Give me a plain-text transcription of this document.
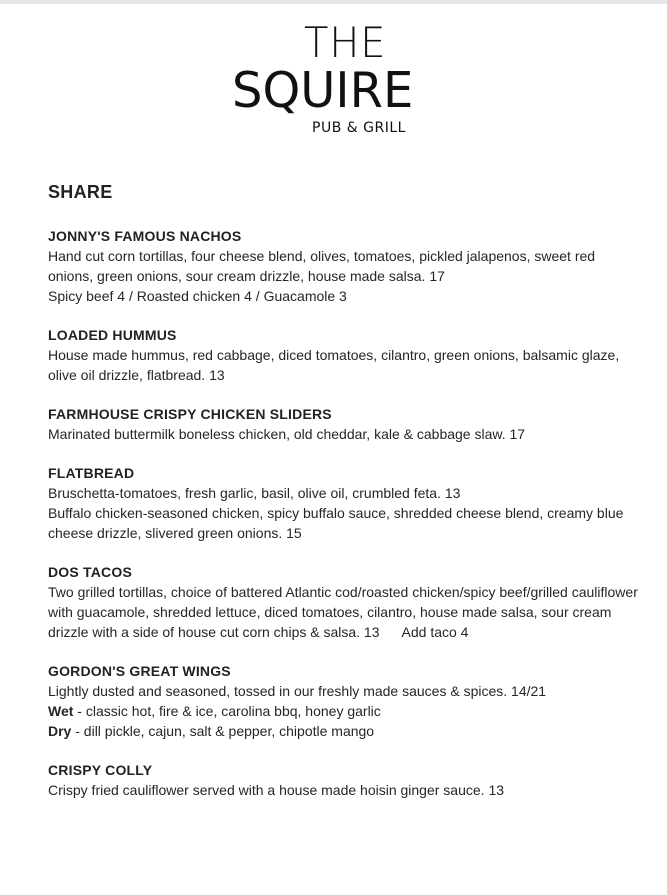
THE
SQUIRE
PUB & GRILL
SHARE
JONNY'S FAMOUS NACHOS
Hand cut corn tortillas, four cheese blend, olives, tomatoes, pickled jalapenos, sweet red onions, green onions, sour cream drizzle, house made salsa. 17
Spicy beef 4 / Roasted chicken 4 / Guacamole 3
LOADED HUMMUS
House made hummus, red cabbage, diced tomatoes, cilantro, green onions, balsamic glaze, olive oil drizzle, flatbread. 13
FARMHOUSE CRISPY CHICKEN SLIDERS
Marinated buttermilk boneless chicken, old cheddar, kale & cabbage slaw. 17
FLATBREAD
Bruschetta-tomatoes, fresh garlic, basil, olive oil, crumbled feta. 13
Buffalo chicken-seasoned chicken, spicy buffalo sauce, shredded cheese blend, creamy blue cheese drizzle, slivered green onions. 15
DOS TACOS
Two grilled tortillas, choice of battered Atlantic cod/roasted chicken/spicy beef/grilled cauliflower with guacamole, shredded lettuce, diced tomatoes, cilantro, house made salsa, sour cream drizzle with a side of house cut corn chips & salsa. 13 Add taco 4
GORDON'S GREAT WINGS
Lightly dusted and seasoned, tossed in our freshly made sauces & spices. 14/21
Wet - classic hot, fire & ice, carolina bbq, honey garlic
Dry - dill pickle, cajun, salt & pepper, chipotle mango
CRISPY COLLY
Crispy fried cauliflower served with a house made hoisin ginger sauce. 13
